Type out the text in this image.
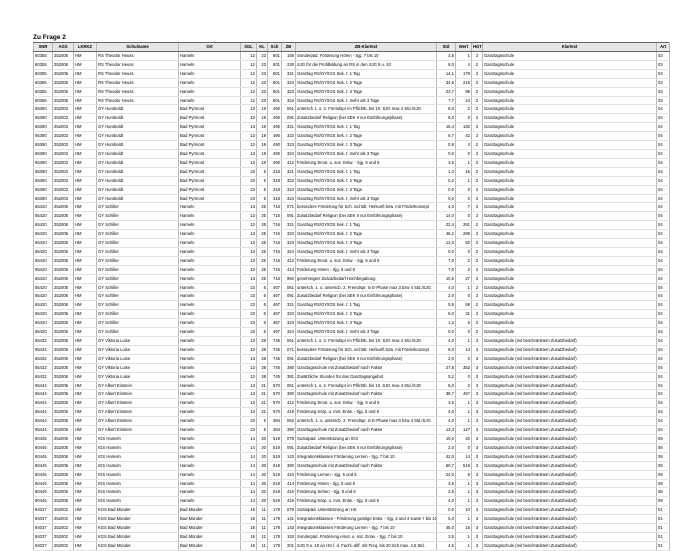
Zu Frage 2
SNR	AGS	LKRKZ	Schulname	Ort	SGL	KL	Sch	ZB	ZB-Klartext	Std	Wert	HGT	Klartext	Art
60355	252006	HM	RS Theodor Heuss	Hameln	12	23	601	155	Sonderpäd. Förderung Hören - Sjg. 7 bis 10	3,5	1	2	Ganztagsschule	03
60355	252006	HM	RS Theodor Heuss	Hameln	12	23	601	230	SJG für die Profilbildung an RS in den SJG 9 u. 10	8,0	4	2	Ganztagsschule	03
60355	252006	HM	RS Theodor Heuss	Hameln	12	23	601	321	Ganztag RS/GY/IGS Sek. I: 1 Tag	14,1	179	2	Ganztagsschule	03
60355	252006	HM	RS Theodor Heuss	Hameln	12	23	601	322	Ganztag RS/GY/IGS Sek. I: 2 Tage	34,6	216	2	Ganztagsschule	03
60355	252006	HM	RS Theodor Heuss	Hameln	12	23	601	323	Ganztag RS/GY/IGS Sek. I: 3 Tage	23,7	99	2	Ganztagsschule	03
60355	252006	HM	RS Theodor Heuss	Hameln	12	23	601	324	Ganztag RS/GY/IGS Sek. I: mehr als 3 Tage	7,7	24	2	Ganztagsschule	03
65390	252003	HM	GY Humboldt	Bad Pyrmont	13	19	490	061	untersch 1. o. 2. Fremdspr im Pflichtb. bis 10. SJG max 4 Std./SJG	8,0	2	2	Ganztagsschule	04
65390	252003	HM	GY Humboldt	Bad Pyrmont	13	19	490	091	Zusatzbedarf Religion (bei SEK II nur Einführungsphase)	6,0	0	2	Ganztagsschule	04
65390	252003	HM	GY Humboldt	Bad Pyrmont	13	19	490	321	Ganztag RS/GY/IGS Sek. I: 1 Tag	15,4	192	2	Ganztagsschule	04
65390	252003	HM	GY Humboldt	Bad Pyrmont	13	19	490	322	Ganztag RS/GY/IGS Sek. I: 2 Tage	6,7	42	2	Ganztagsschule	04
65390	252003	HM	GY Humboldt	Bad Pyrmont	13	19	490	323	Ganztag RS/GY/IGS Sek. I: 3 Tage	0,8	4	2	Ganztagsschule	04
65390	252003	HM	GY Humboldt	Bad Pyrmont	13	19	490	324	Ganztag RS/GY/IGS Sek. I: mehr als 3 Tage	0,0	0	2	Ganztagsschule	04
65390	252003	HM	GY Humboldt	Bad Pyrmont	13	19	490	412	Förderung Emot. u. soz. Entw. - Sjg. 5 und 6	3,5	1	2	Ganztagsschule	04
65390	252003	HM	GY Humboldt	Bad Pyrmont	23	5	318	321	Ganztag RS/GY/IGS Sek. I: 1 Tag	1,3	16	2	Ganztagsschule	04
65390	252003	HM	GY Humboldt	Bad Pyrmont	23	5	318	322	Ganztag RS/GY/IGS Sek. I: 2 Tage	0,2	1	2	Ganztagsschule	04
65390	252003	HM	GY Humboldt	Bad Pyrmont	23	5	318	323	Ganztag RS/GY/IGS Sek. I: 3 Tage	0,0	0	2	Ganztagsschule	04
65390	252003	HM	GY Humboldt	Bad Pyrmont	23	5	318	324	Ganztag RS/GY/IGS Sek. I: mehr als 3 Tage	0,0	0	2	Ganztagsschule	04
65420	252006	HM	GY Schiller	Hameln	13	25	716	071	besondere Förderung für Sch. nichtdt. Herkunft bzw. mit Förderkonzept	4,0	7	2	Ganztagsschule	04
65420	252006	HM	GY Schiller	Hameln	13	25	716	091	Zusatzbedarf Religion (bei SEK II nur Einführungsphase)	14,0	0	2	Ganztagsschule	04
65420	252006	HM	GY Schiller	Hameln	13	25	716	321	Ganztag RS/GY/IGS Sek. I: 1 Tag	22,4	281	2	Ganztagsschule	04
65420	252006	HM	GY Schiller	Hameln	13	25	716	322	Ganztag RS/GY/IGS Sek. I: 2 Tage	46,2	289	2	Ganztagsschule	04
65420	252006	HM	GY Schiller	Hameln	13	25	716	323	Ganztag RS/GY/IGS Sek. I: 3 Tage	12,0	50	2	Ganztagsschule	04
65420	252006	HM	GY Schiller	Hameln	13	25	716	324	Ganztag RS/GY/IGS Sek. I: mehr als 3 Tage	0,0	0	2	Ganztagsschule	04
65420	252006	HM	GY Schiller	Hameln	13	25	716	412	Förderung Emot. u. soz. Entw. - Sjg. 5 und 6	7,0	2	2	Ganztagsschule	04
65420	252006	HM	GY Schiller	Hameln	13	25	716	414	Förderung Hören - Sjg. 5 und 6	7,0	2	2	Ganztagsschule	04
65420	252006	HM	GY Schiller	Hameln	13	25	716	950	genehmigter Zusatzbedarf Hochbegabung	10,5	27	2	Ganztagsschule	04
65420	252006	HM	GY Schiller	Hameln	23	6	467	061	untersch. 1. o. unterscb. 2. Fremdspr. in E-Phase max 3 bzw 4 Std./SJG	4,0	1	2	Ganztagsschule	04
65420	252006	HM	GY Schiller	Hameln	23	6	467	091	Zusatzbedarf Religion (bei SEK II nur Einführungsphase)	2,0	0	2	Ganztagsschule	04
65420	252006	HM	GY Schiller	Hameln	23	6	467	321	Ganztag RS/GY/IGS Sek. I: 1 Tag	5,5	69	2	Ganztagsschule	04
65420	252006	HM	GY Schiller	Hameln	23	6	467	322	Ganztag RS/GY/IGS Sek. I: 2 Tage	5,0	31	2	Ganztagsschule	04
65420	252006	HM	GY Schiller	Hameln	23	6	467	323	Ganztag RS/GY/IGS Sek. I: 3 Tage	1,2	5	2	Ganztagsschule	04
65420	252006	HM	GY Schiller	Hameln	23	6	467	324	Ganztag RS/GY/IGS Sek. I: mehr als 3 Tage	0,0	0	2	Ganztagsschule	04
65432	252006	HM	GY Viktoria Luise	Hameln	13	28	745	061	untersch 1. o. 2. Fremdspr im Pflichtb. bis 10. SJG max 4 Std./SJG	4,0	1	3	Ganztagsschule (mit beschränktem Zusatzbedarf)	04
65432	252006	HM	GY Viktoria Luise	Hameln	13	28	745	071	besondere Förderung für Sch. nichtdt. Herkunft bzw. mit Förderkonzept	8,0	14	3	Ganztagsschule (mit beschränktem Zusatzbedarf)	04
65432	252006	HM	GY Viktoria Luise	Hameln	13	28	745	091	Zusatzbedarf Religion (bei SEK II nur Einführungsphase)	2,0	0	3	Ganztagsschule (mit beschränktem Zusatzbedarf)	04
65432	252006	HM	GY Viktoria Luise	Hameln	13	28	745	380	Ganztagsschule mit Zusatzbedarf nach Faktor	27,8	352	3	Ganztagsschule (mit beschränktem Zusatzbedarf)	04
65432	252006	HM	GY Viktoria Luise	Hameln	13	28	745	381	Zusätzliche Stunden für das Ganztagsangebot	5,2	0	3	Ganztagsschule (mit beschränktem Zusatzbedarf)	04
65444	252006	HM	GY Albert Einstein	Hameln	13	21	570	061	untersch 1. o. 2. Fremdspr im Pflichtb. bis 10. SJG max 4 Std./SJG	8,0	2	3	Ganztagsschule (mit beschränktem Zusatzbedarf)	04
65444	252006	HM	GY Albert Einstein	Hameln	13	21	570	380	Ganztagsschule mit Zusatzbedarf nach Faktor	38,7	467	3	Ganztagsschule (mit beschränktem Zusatzbedarf)	04
65444	252006	HM	GY Albert Einstein	Hameln	13	21	570	412	Förderung Emot. u. soz. Entw. - Sjg. 5 und 6	3,5	1	3	Ganztagsschule (mit beschränktem Zusatzbedarf)	04
65444	252006	HM	GY Albert Einstein	Hameln	13	21	570	418	Förderung Körp. u. mot. Entw. - Sjg. 5 und 6	4,0	1	3	Ganztagsschule (mit beschränktem Zusatzbedarf)	04
65444	252006	HM	GY Albert Einstein	Hameln	23	5	384	062	untersch. 1. o. unterscb. 2. Fremdspr. in E-Phase max 3 bzw 4 Std./SJG	4,0	1	3	Ganztagsschule (mit beschränktem Zusatzbedarf)	04
65444	252006	HM	GY Albert Einstein	Hameln	23	5	384	380	Ganztagsschule mit Zusatzbedarf nach Faktor	13,3	127	3	Ganztagsschule (mit beschränktem Zusatzbedarf)	04
80445	252006	HM	IGS Hameln	Hameln	14	20	519	078	Sozialpäd. Unterstützung an IGS	10,0	20	3	Ganztagsschule (mit beschränktem Zusatzbedarf)	08
80445	252006	HM	IGS Hameln	Hameln	14	20	519	091	Zusatzbedarf Religion (bei SEK II nur Einführungsphase)	2,0	0	3	Ganztagsschule (mit beschränktem Zusatzbedarf)	08
80445	252006	HM	IGS Hameln	Hameln	14	20	519	143	Integrationsklassen Förderung Lernen - Sjg. 7 bis 10	42,0	14	3	Ganztagsschule (mit beschränktem Zusatzbedarf)	08
80445	252006	HM	IGS Hameln	Hameln	14	20	519	380	Ganztagsschule mit Zusatzbedarf nach Faktor	50,7	519	3	Ganztagsschule (mit beschränktem Zusatzbedarf)	08
80445	252006	HM	IGS Hameln	Hameln	14	20	519	410	Förderung Lernen - Sjg. 5 und 6	24,0	8	3	Ganztagsschule (mit beschränktem Zusatzbedarf)	08
80445	252006	HM	IGS Hameln	Hameln	14	20	519	414	Förderung Hören - Sjg. 5 und 6	3,5	1	3	Ganztagsschule (mit beschränktem Zusatzbedarf)	08
80445	252006	HM	IGS Hameln	Hameln	14	20	519	416	Förderung Sehen - Sjg. 5 und 6	3,5	1	3	Ganztagsschule (mit beschränktem Zusatzbedarf)	08
80445	252006	HM	IGS Hameln	Hameln	14	20	519	418	Förderung Körp. u. mot. Entw. - Sjg. 5 und 6	4,0	1	3	Ganztagsschule (mit beschränktem Zusatzbedarf)	08
84037	252002	HM	KGS Bad Münder	Bad Münder	16	11	178	079	Sozialpäd. Unterstützung an HS	0,0	10	3	Ganztagsschule (mit beschränktem Zusatzbedarf)	01
84037	252002	HM	KGS Bad Münder	Bad Münder	16	11	178	141	Integrationsklassen - Förderung geistige Entw. - Sjg. 3 und 4 sowie 7 bis 10	5,0	1	3	Ganztagsschule (mit beschränktem Zusatzbedarf)	01
84037	252002	HM	KGS Bad Münder	Bad Münder	16	11	178	143	Integrationsklassen Förderung Lernen - Sjg. 7 bis 10	45,0	15	3	Ganztagsschule (mit beschränktem Zusatzbedarf)	01
84037	252002	HM	KGS Bad Münder	Bad Münder	16	11	178	153	Sonderpäd. Förderung emot. u. soz. Entw. - Sjg. 7 bis 10	3,5	1	3	Ganztagsschule (mit beschränktem Zusatzbedarf)	01
84037	252002	HM	KGS Bad Münder	Bad Münder	16	11	178	201	SJG 9 u. 10 an HS f. d. Fachl.-diff. mit Freq. bis 20 Sch max. 4,5 Std.	4,5	1	3	Ganztagsschule (mit beschränktem Zusatzbedarf)	01
